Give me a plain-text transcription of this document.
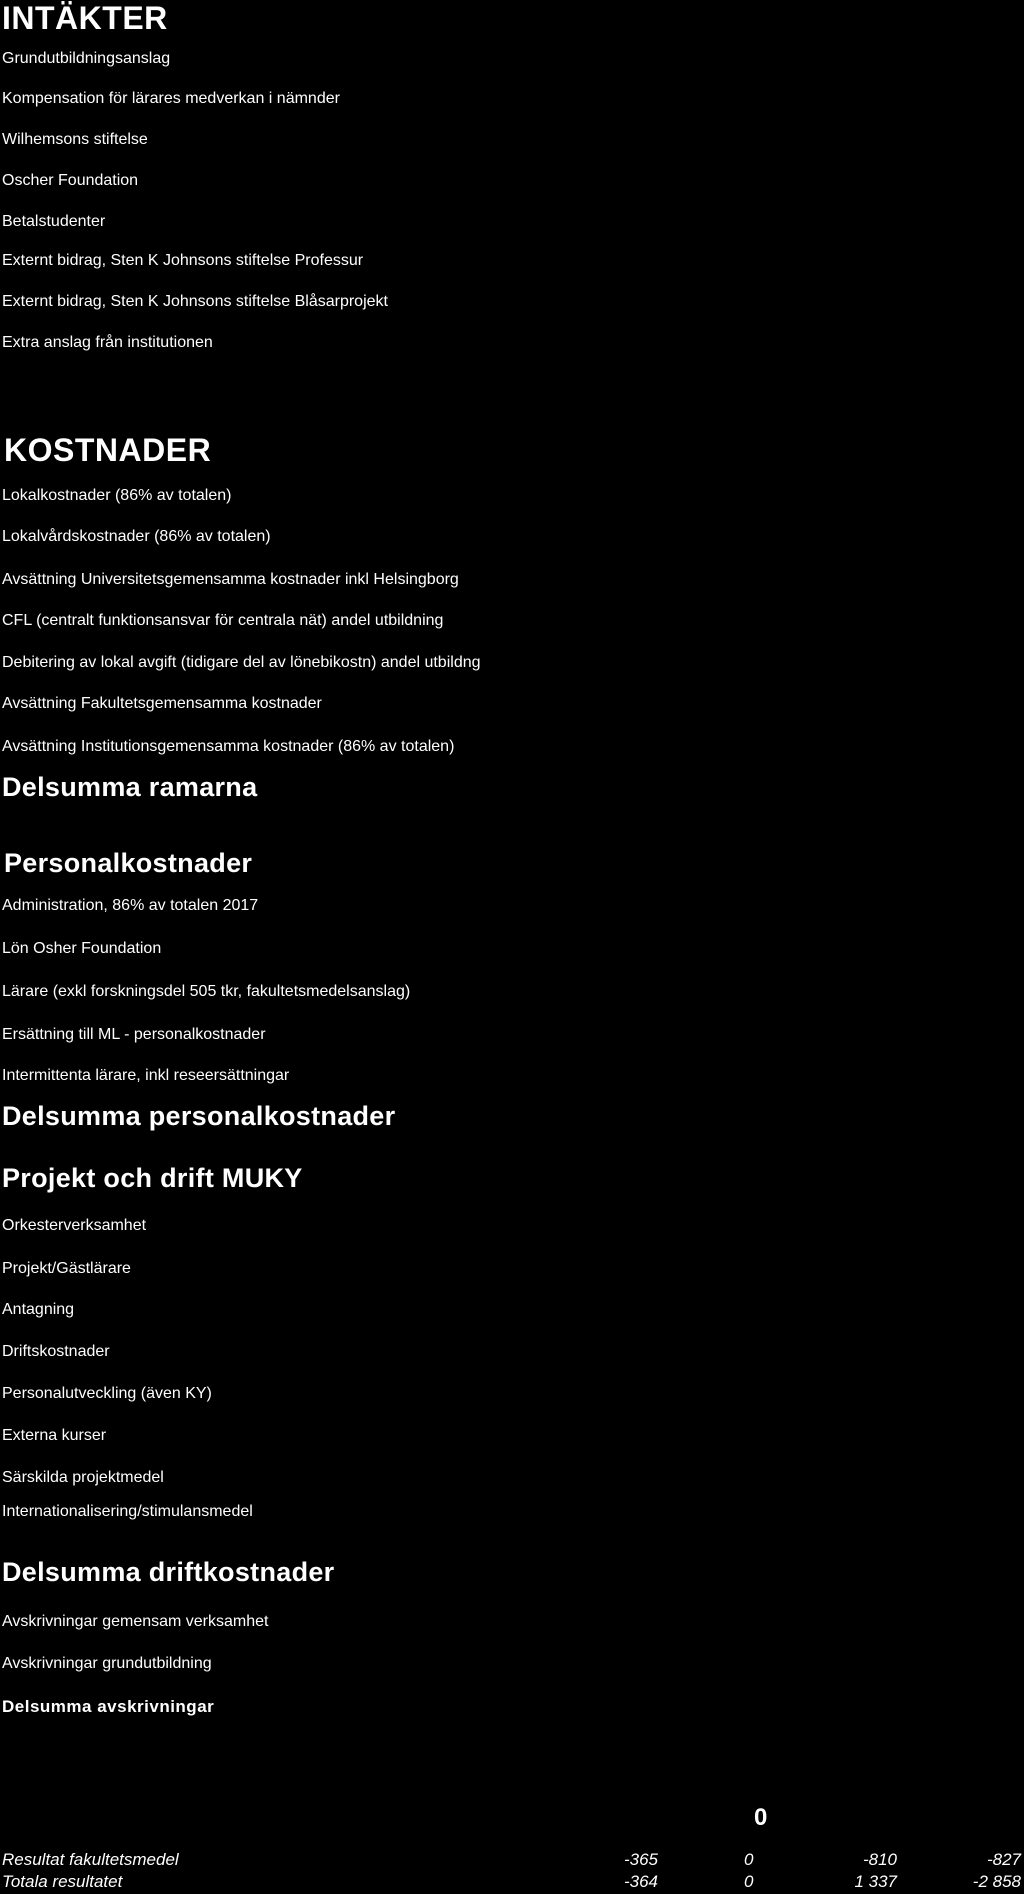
INTÄKTER
Grundutbildningsanslag
Kompensation för lärares medverkan i nämnder
Wilhemsons stiftelse
Oscher Foundation
Betalstudenter
Externt bidrag, Sten K Johnsons stiftelse Professur
Externt bidrag, Sten K Johnsons stiftelse Blåsarprojekt
Extra anslag från institutionen
KOSTNADER
Lokalkostnader (86% av totalen)
Lokalvårdskostnader (86% av totalen)
Avsättning Universitetsgemensamma kostnader inkl Helsingborg
CFL (centralt funktionsansvar för centrala nät) andel utbildning
Debitering av lokal avgift (tidigare del av lönebikostn) andel utbildng
Avsättning Fakultetsgemensamma kostnader
Avsättning Institutionsgemensamma kostnader (86% av totalen)
Delsumma ramarna
Personalkostnader
Administration, 86% av totalen 2017
Lön Osher Foundation
Lärare (exkl forskningsdel 505 tkr, fakultetsmedelsanslag)
Ersättning till ML - personalkostnader
Intermittenta lärare, inkl reseersättningar
Delsumma personalkostnader
Projekt och drift MUKY
Orkesterverksamhet
Projekt/Gästlärare
Antagning
Driftskostnader
Personalutveckling (även KY)
Externa kurser
Särskilda projektmedel
Internationalisering/stimulansmedel
Delsumma driftkostnader
Avskrivningar gemensam verksamhet
Avskrivningar grundutbildning
Delsumma avskrivningar
0
Resultat fakultetsmedel	-365	0	-810	-827
Totala resultatet	-364	0	1 337	-2 858
